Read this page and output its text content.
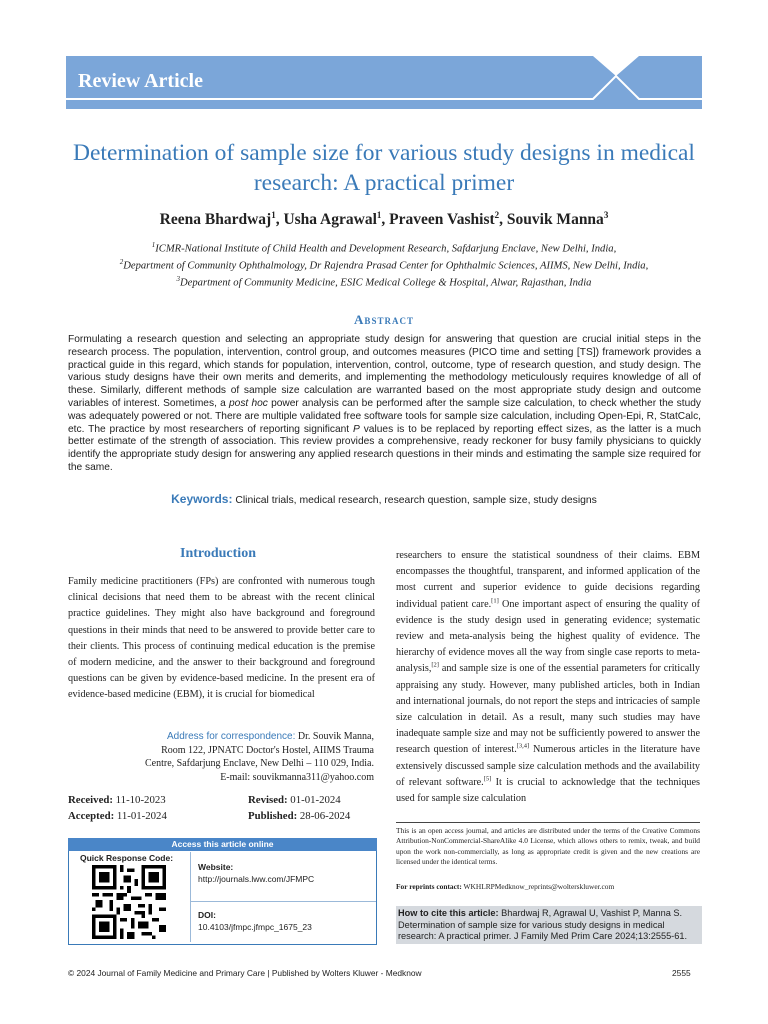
Review Article
Determination of sample size for various study designs in medical research: A practical primer
Reena Bhardwaj$^1$, Usha Agrawal$^1$, Praveen Vashist$^2$, Souvik Manna$^3$
$^1$ICMR-National Institute of Child Health and Development Research, Safdarjung Enclave, New Delhi, India,
$^2$Department of Community Ophthalmology, Dr Rajendra Prasad Center for Ophthalmic Sciences, AIIMS, New Delhi, India,
$^3$Department of Community Medicine, ESIC Medical College & Hospital, Alwar, Rajasthan, India
Abstract
Formulating a research question and selecting an appropriate study design for answering that question are crucial initial steps in the research process. The population, intervention, control group, and outcomes measures (PICO time and setting [TS]) framework provides a practical guide in this regard, which stands for population, intervention, control, outcome, type of research question, and study design. The various study designs have their own merits and demerits, and implementing the methodology meticulously requires knowledge of all of these. Similarly, different methods of sample size calculation are warranted based on the most appropriate study design and outcome variables of interest. Sometimes, a post hoc power analysis can be performed after the sample size calculation, to check whether the study was adequately powered or not. There are multiple validated free software tools for sample size calculation, including Open-Epi, R, StatCalc, etc. The practice by most researchers of reporting significant P values is to be replaced by reporting effect sizes, as the latter is a much better estimate of the strength of association. This review provides a comprehensive, ready reckoner for busy family physicians to quickly identify the appropriate study design for answering any applied research questions in their minds and estimating the sample size required for the same.
Keywords: Clinical trials, medical research, research question, sample size, study designs
Introduction
Family medicine practitioners (FPs) are confronted with numerous tough clinical decisions that need them to be abreast with the recent clinical practice guidelines. They might also have background and foreground questions in their minds that need to be answered to provide better care to their clients. This process of continuing medical education is the premise of modern medicine, and the answer to their background and foreground questions can be given by evidence-based medicine. In the present era of evidence-based medicine (EBM), it is crucial for biomedical
researchers to ensure the statistical soundness of their claims. EBM encompasses the thoughtful, transparent, and informed application of the most current and superior evidence to guide decisions regarding individual patient care.[1] One important aspect of ensuring the quality of evidence is the study design used in generating evidence; systematic review and meta-analysis being the highest quality of evidence. The hierarchy of evidence moves all the way from single case reports to meta-analysis,[2] and sample size is one of the essential parameters for critically appraising any study. However, many published articles, both in Indian and international journals, do not report the steps and intricacies of sample size calculation in detail. As a result, many such studies may have inadequate sample size and may not be sufficiently powered to answer the research question of interest.[3,4] Numerous articles in the literature have extensively discussed sample size calculation methods and the availability of relevant software.[5] It is crucial to acknowledge that the techniques used for sample size calculation
Address for correspondence: Dr. Souvik Manna,
Room 122, JPNATC Doctor's Hostel, AIIMS Trauma
Centre, Safdarjung Enclave, New Delhi – 110 029, India.
E-mail: souvikmanna311@yahoo.com
Received: 11-10-2023	Revised: 01-01-2024
Accepted: 11-01-2024	Published: 28-06-2024
Access this article online
Quick Response Code:
Website:
http://journals.lww.com/JFMPC
DOI:
10.4103/jfmpc.jfmpc_1675_23
This is an open access journal, and articles are distributed under the terms of the Creative Commons Attribution-NonCommercial-ShareAlike 4.0 License, which allows others to remix, tweak, and build upon the work non-commercially, as long as appropriate credit is given and the new creations are licensed under the identical terms.
For reprints contact: WKHLRPMedknow_reprints@wolterskluwer.com
How to cite this article: Bhardwaj R, Agrawal U, Vashist P, Manna S. Determination of sample size for various study designs in medical research: A practical primer. J Family Med Prim Care 2024;13:2555-61.
© 2024 Journal of Family Medicine and Primary Care | Published by Wolters Kluwer - Medknow	2555
